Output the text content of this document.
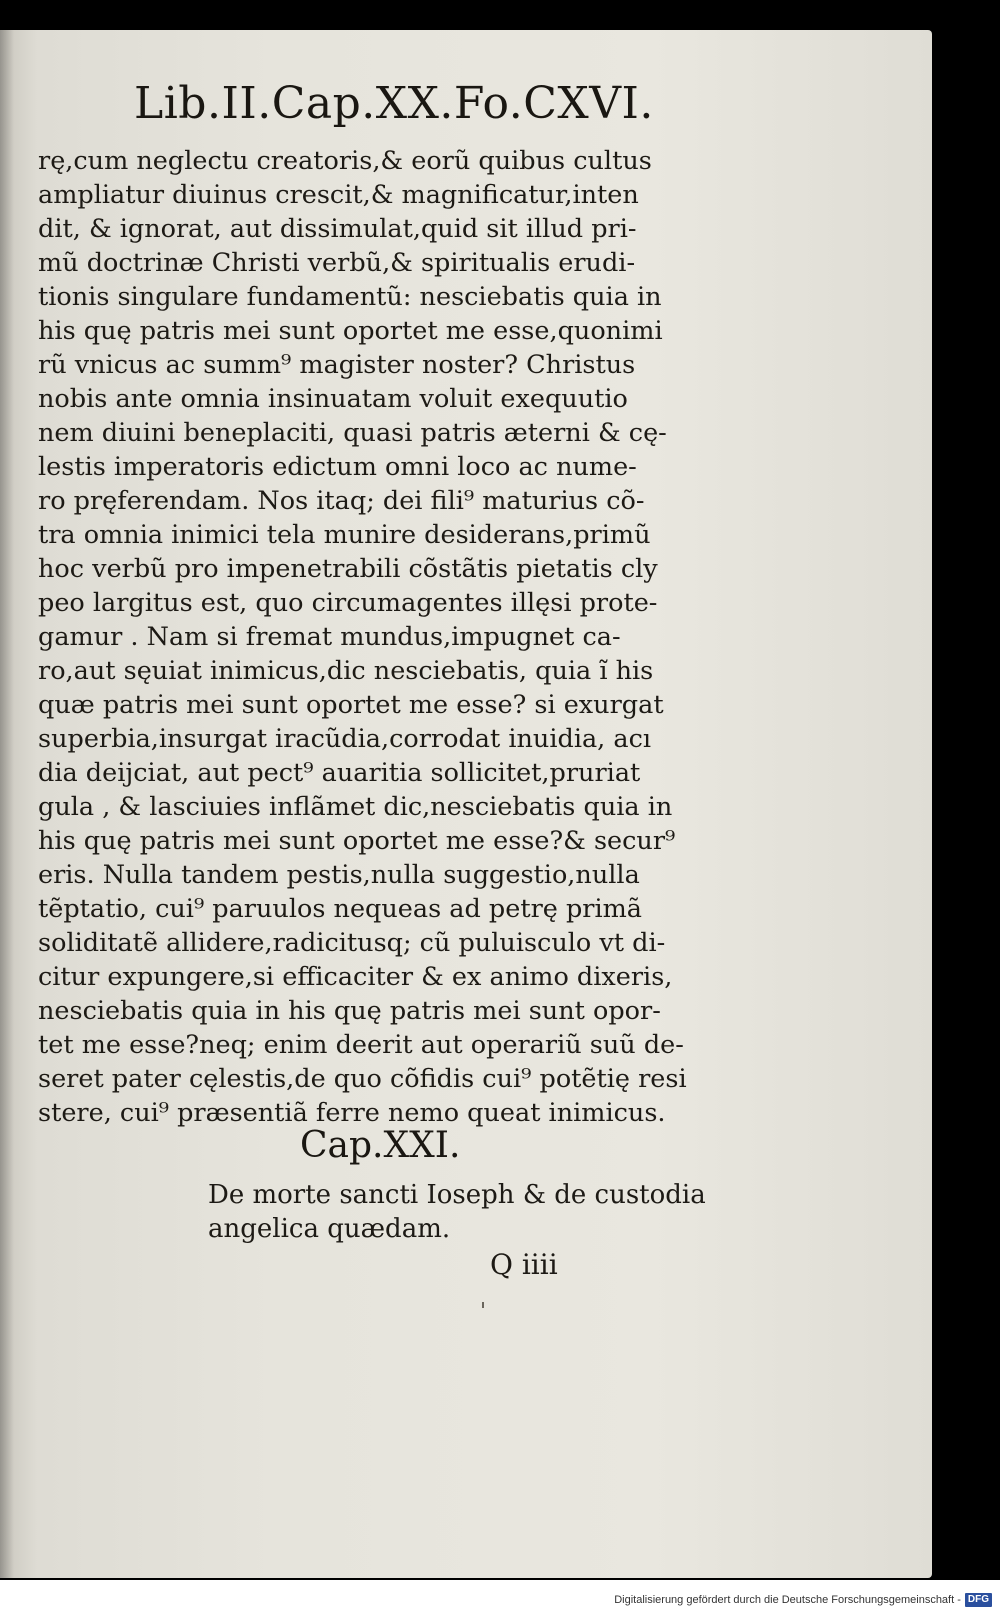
Lib.II.Cap.XX.Fo.CXVI.
rę,cum neglectu creatoris,& eorũ quibus cultus
ampliatur diuinus crescit,& magnificatur,inten
dit, & ignorat, aut dissimulat,quid sit illud pri-
mũ doctrinæ Christi verbũ,& spiritualis erudi-
tionis singulare fundamentũ: nesciebatis quia in
his quę patris mei sunt oportet me esse,quonimi
rũ vnicus ac summ⁹ magister noster? Christus
nobis ante omnia insinuatam voluit exequutio
nem diuini beneplaciti, quasi patris æterni & cę-
lestis imperatoris edictum omni loco ac nume-
ro pręferendam. Nos itaq; dei fili⁹ maturius cõ-
tra omnia inimici tela munire desiderans,primũ
hoc verbũ pro impenetrabili cõstãtis pietatis cly
peo largitus est, quo circumagentes illęsi prote-
gamur . Nam si fremat mundus,impugnet ca-
ro,aut sęuiat inimicus,dic nesciebatis, quia ĩ his
quæ patris mei sunt oportet me esse? si exurgat
superbia,insurgat iracũdia,corrodat inuidia, acı
dia deijciat, aut pect⁹ auaritia sollicitet,pruriat
gula , & lasciuies inflãmet dic,nesciebatis quia in
his quę patris mei sunt oportet me esse?& secur⁹
eris. Nulla tandem pestis,nulla suggestio,nulla
tẽptatio, cui⁹ paruulos nequeas ad petrę primã
soliditatẽ allidere,radicitusq; cũ puluisculo vt di-
citur expungere,si efficaciter & ex animo dixeris,
nesciebatis quia in his quę patris mei sunt opor-
tet me esse?neq; enim deerit aut operariũ suũ de-
seret pater cęlestis,de quo cõfidis cui⁹ potẽtię resi
stere, cui⁹ præsentiã ferre nemo queat inimicus.
Cap.XXI.
De morte sancti Ioseph & de custodia
angelica quædam.
Q iiii
Digitalisierung gefördert durch die Deutsche Forschungsgemeinschaft - DFG
